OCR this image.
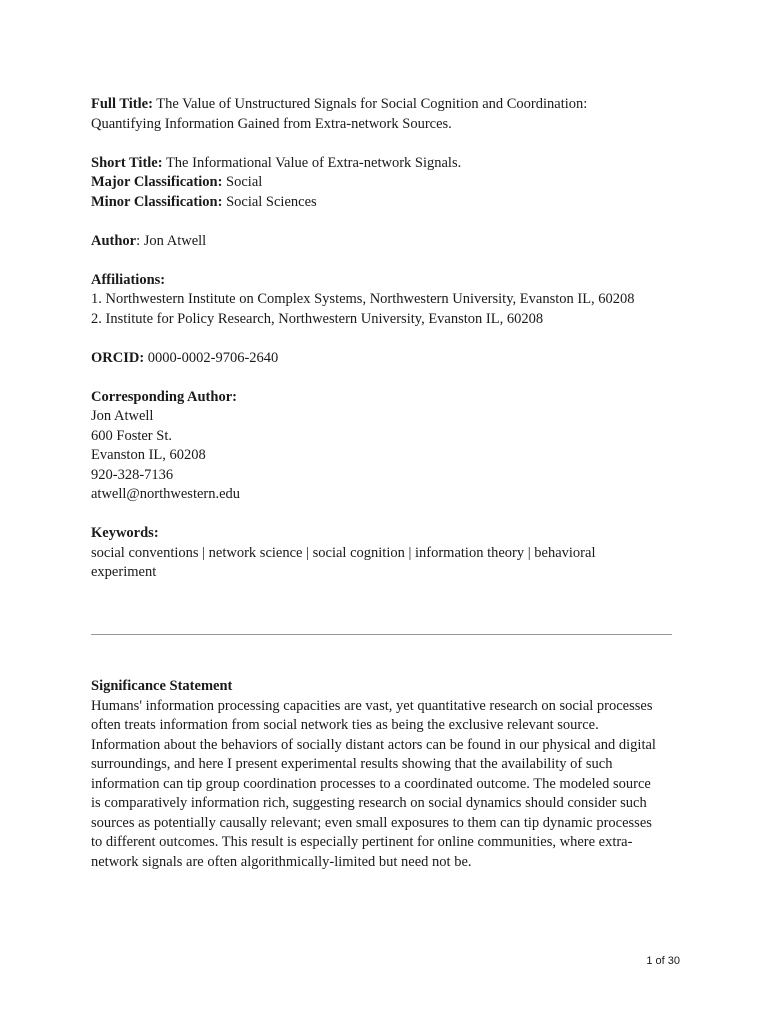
Full Title: The Value of Unstructured Signals for Social Cognition and Coordination:
Quantifying Information Gained from Extra-network Sources.
Short Title: The Informational Value of Extra-network Signals.
Major Classification: Social
Minor Classification: Social Sciences
Author: Jon Atwell
Affiliations:
1. Northwestern Institute on Complex Systems, Northwestern University, Evanston IL, 60208
2. Institute for Policy Research, Northwestern University, Evanston IL, 60208
ORCID: 0000-0002-9706-2640
Corresponding Author:
Jon Atwell
600 Foster St.
Evanston IL, 60208
920-328-7136
atwell@northwestern.edu
Keywords:
social conventions | network science | social cognition | information theory | behavioral
experiment
Significance Statement
Humans' information processing capacities are vast, yet quantitative research on social processes
often treats information from social network ties as being the exclusive relevant source.
Information about the behaviors of socially distant actors can be found in our physical and digital
surroundings, and here I present experimental results showing that the availability of such
information can tip group coordination processes to a coordinated outcome. The modeled source
is comparatively information rich, suggesting research on social dynamics should consider such
sources as potentially causally relevant; even small exposures to them can tip dynamic processes
to different outcomes. This result is especially pertinent for online communities, where extra-
network signals are often algorithmically-limited but need not be.
1 of 30
